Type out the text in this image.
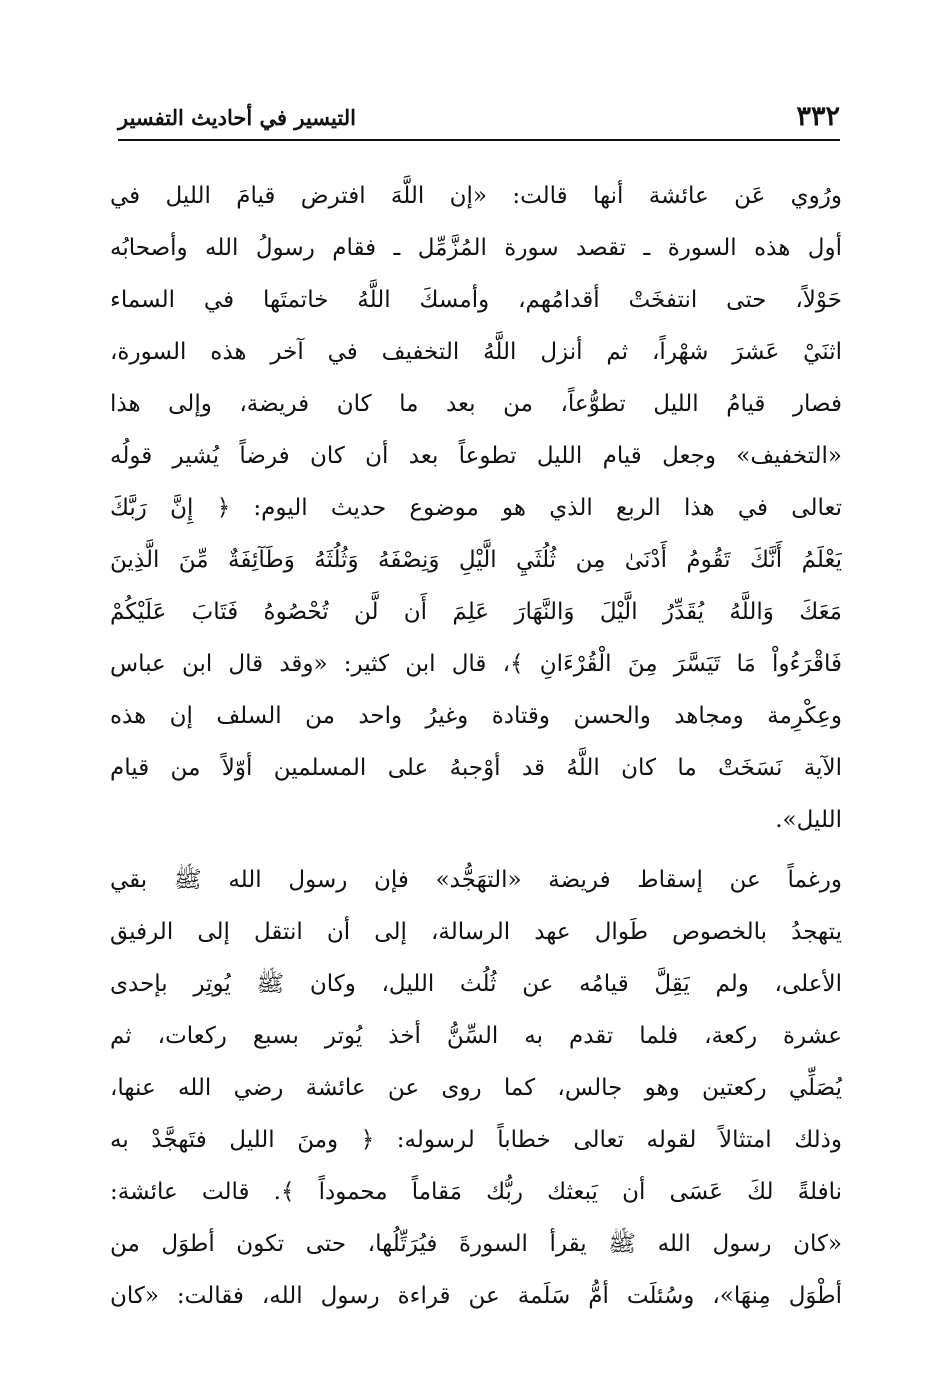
٣٣٢
التيسير في أحاديث التفسير
ورُوي عَن عائشة أنها قالت: «إن اللَّهَ افترض قيامَ الليل في
أول هذه السورة ـ تقصد سورة المُزَّمِّل ـ فقام رسولُ الله وأصحابُه
حَوْلاً، حتى انتفخَتْ أقدامُهم، وأمسكَ اللَّهُ خاتمتَها في السماء
اثنَيْ عَشرَ شهْراً، ثم أنزل اللَّهُ التخفيف في آخر هذه السورة،
فصار قيامُ الليل تطوُّعاً، من بعد ما كان فريضة، وإلى هذا
«التخفيف» وجعل قيام الليل تطوعاً بعد أن كان فرضاً يُشير قولُه
تعالى في هذا الربع الذي هو موضوع حديث اليوم: ﴿ إِنَّ رَبَّكَ
يَعْلَمُ أَنَّكَ تَقُومُ أَدْنَىٰ مِن ثُلُثَيِ الَّيْلِ وَنِصْفَهُ وَثُلُثَهُ وَطَآئِفَةٌ مِّنَ الَّذِينَ
مَعَكَ وَاللَّهُ يُقَدِّرُ الَّيْلَ وَالنَّهَارَ عَلِمَ أَن لَّن تُحْصُوهُ فَتَابَ عَلَيْكُمْ
فَاقْرَءُواْ مَا تَيَسَّرَ مِنَ الْقُرْءَانِ ﴾، قال ابن كثير: «وقد قال ابن عباس
وعِكْرِمة ومجاهد والحسن وقتادة وغيرُ واحد من السلف إن هذه
الآية نَسَخَتْ ما كان اللَّهُ قد أوْجبهُ على المسلمين أوّلاً من قيام
الليل».
ورغماً عن إسقاط فريضة «التهَجُّد» فإن رسول الله ﷺ بقي
يتهجدُ بالخصوص طَوال عهد الرسالة، إلى أن انتقل إلى الرفيق
الأعلى، ولم يَقِلَّ قيامُه عن ثُلُث الليل، وكان ﷺ يُوتِر بإحدى
عشرة ركعة، فلما تقدم به السِّنُّ أخذ يُوتر بسبع ركعات، ثم
يُصَلِّي ركعتين وهو جالس، كما روى عن عائشة رضي الله عنها،
وذلك امتثالاً لقوله تعالى خطاباً لرسوله: ﴿ ومنَ الليل فتَهجَّدْ به
نافلةً لكَ عَسَى أن يَبعثك ربُّك مَقاماً محموداً ﴾. قالت عائشة:
«كان رسول الله ﷺ يقرأ السورةَ فيُرَتِّلُها، حتى تكون أطوَل من
أطْوَل مِنهَا»، وسُئلَت أمُّ سَلَمة عن قراءة رسول الله، فقالت: «كان
